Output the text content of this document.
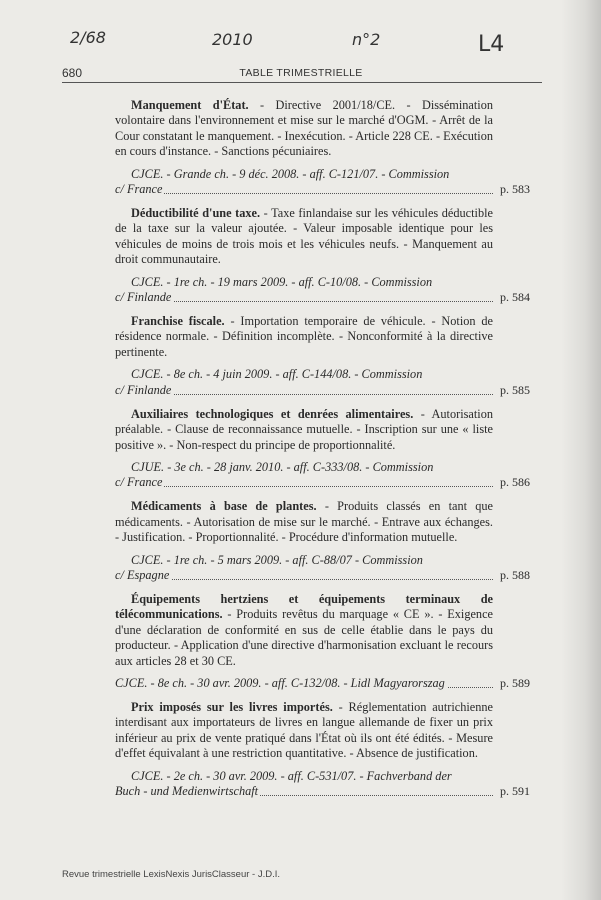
2/68	2010	n°2	L4
680	TABLE TRIMESTRIELLE
Manquement d'État. - Directive 2001/18/CE. - Dissémination volontaire dans l'environnement et mise sur le marché d'OGM. - Arrêt de la Cour constatant le manquement. - Inexécution. - Article 228 CE. - Exécution en cours d'instance. - Sanctions pécuniaires.
CJCE. - Grande ch. - 9 déc. 2008. - aff. C-121/07. - Commission
c/ France	p. 583
Déductibilité d'une taxe. - Taxe finlandaise sur les véhicules déductible de la taxe sur la valeur ajoutée. - Valeur imposable identique pour les véhicules de moins de trois mois et les véhicules neufs. - Manquement au droit communautaire.
CJCE. - 1re ch. - 19 mars 2009. - aff. C-10/08. - Commission
c/ Finlande	p. 584
Franchise fiscale. - Importation temporaire de véhicule. - Notion de résidence normale. - Définition incomplète. - Nonconformité à la directive pertinente.
CJCE. - 8e ch. - 4 juin 2009. - aff. C-144/08. - Commission
c/ Finlande	p. 585
Auxiliaires technologiques et denrées alimentaires. - Autorisation préalable. - Clause de reconnaissance mutuelle. - Inscription sur une « liste positive ». - Non-respect du principe de proportionnalité.
CJUE. - 3e ch. - 28 janv. 2010. - aff. C-333/08. - Commission
c/ France	p. 586
Médicaments à base de plantes. - Produits classés en tant que médicaments. - Autorisation de mise sur le marché. - Entrave aux échanges. - Justification. - Proportionnalité. - Procédure d'information mutuelle.
CJCE. - 1re ch. - 5 mars 2009. - aff. C-88/07 - Commission
c/ Espagne	p. 588
Équipements hertziens et équipements terminaux de télécommunications. - Produits revêtus du marquage « CE ». - Exigence d'une déclaration de conformité en sus de celle établie dans le pays du producteur. - Application d'une directive d'harmonisation excluant le recours aux articles 28 et 30 CE.
CJCE. - 8e ch. - 30 avr. 2009. - aff. C-132/08. - Lidl Magyarorszag	p. 589
Prix imposés sur les livres importés. - Réglementation autrichienne interdisant aux importateurs de livres en langue allemande de fixer un prix inférieur au prix de vente pratiqué dans l'État où ils ont été édités. - Mesure d'effet équivalant à une restriction quantitative. - Absence de justification.
CJCE. - 2e ch. - 30 avr. 2009. - aff. C-531/07. - Fachverband der
Buch - und Medienwirtschaft	p. 591
Revue trimestrielle LexisNexis JurisClasseur - J.D.I.
